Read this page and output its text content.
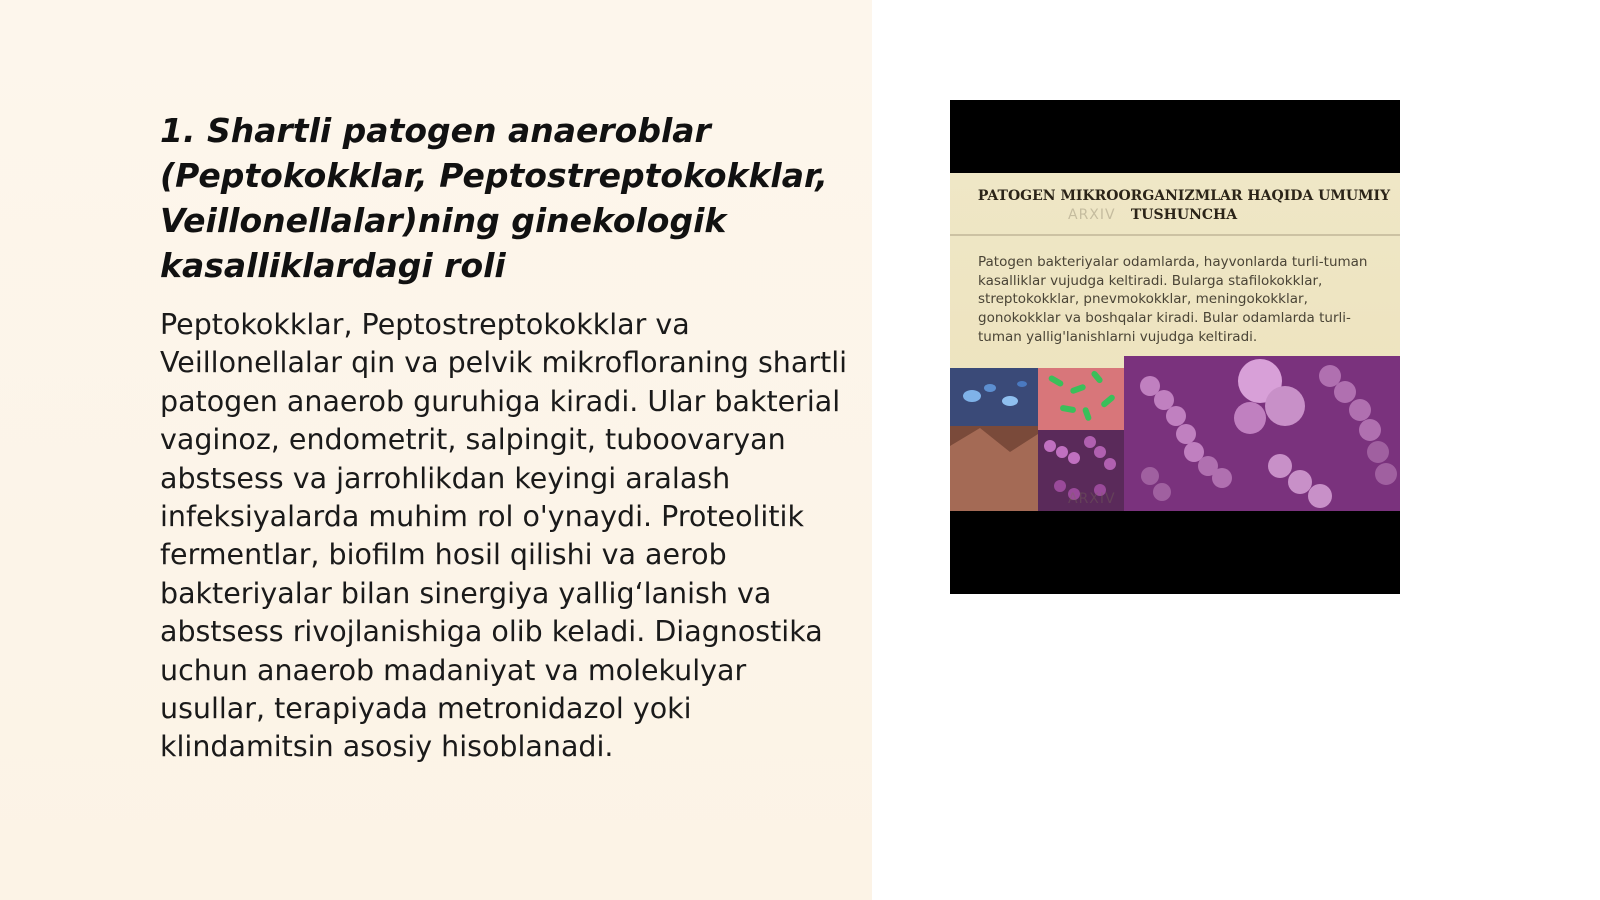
1. Shartli patogen anaeroblar (Peptokokklar, Peptostreptokokklar, Veillonellalar)ning ginekologik kasalliklardagi roli

Peptokokklar, Peptostreptokokklar va Veillonellalar qin va pelvik mikrofloraning shartli patogen anaerob guruhiga kiradi. Ular bakterial vaginoz, endometrit, salpingit, tuboovaryan abstsess va jarrohlikdan keyingi aralash infeksiyalarda muhim rol o'ynaydi. Proteolitik fermentlar, biofilm hosil qilishi va aerob bakteriyalar bilan sinergiya yallig‘lanish va abstsess rivojlanishiga olib keladi. Diagnostika uchun anaerob madaniyat va molekulyar usullar, terapiyada metronidazol yoki klindamitsin asosiy hisoblanadi.

PATOGEN MIKROORGANIZMLAR HAQIDA UMUMIY TUSHUNCHA

ARXIV

Patogen bakteriyalar odamlarda, hayvonlarda turli-tuman kasalliklar vujudga keltiradi. Bularga stafilokokklar, streptokokklar, pnevmokokklar, meningokokklar, gonokokklar va boshqalar kiradi. Bular odamlarda turli-tuman yallig'lanishlarni vujudga keltiradi.

ARXIV
